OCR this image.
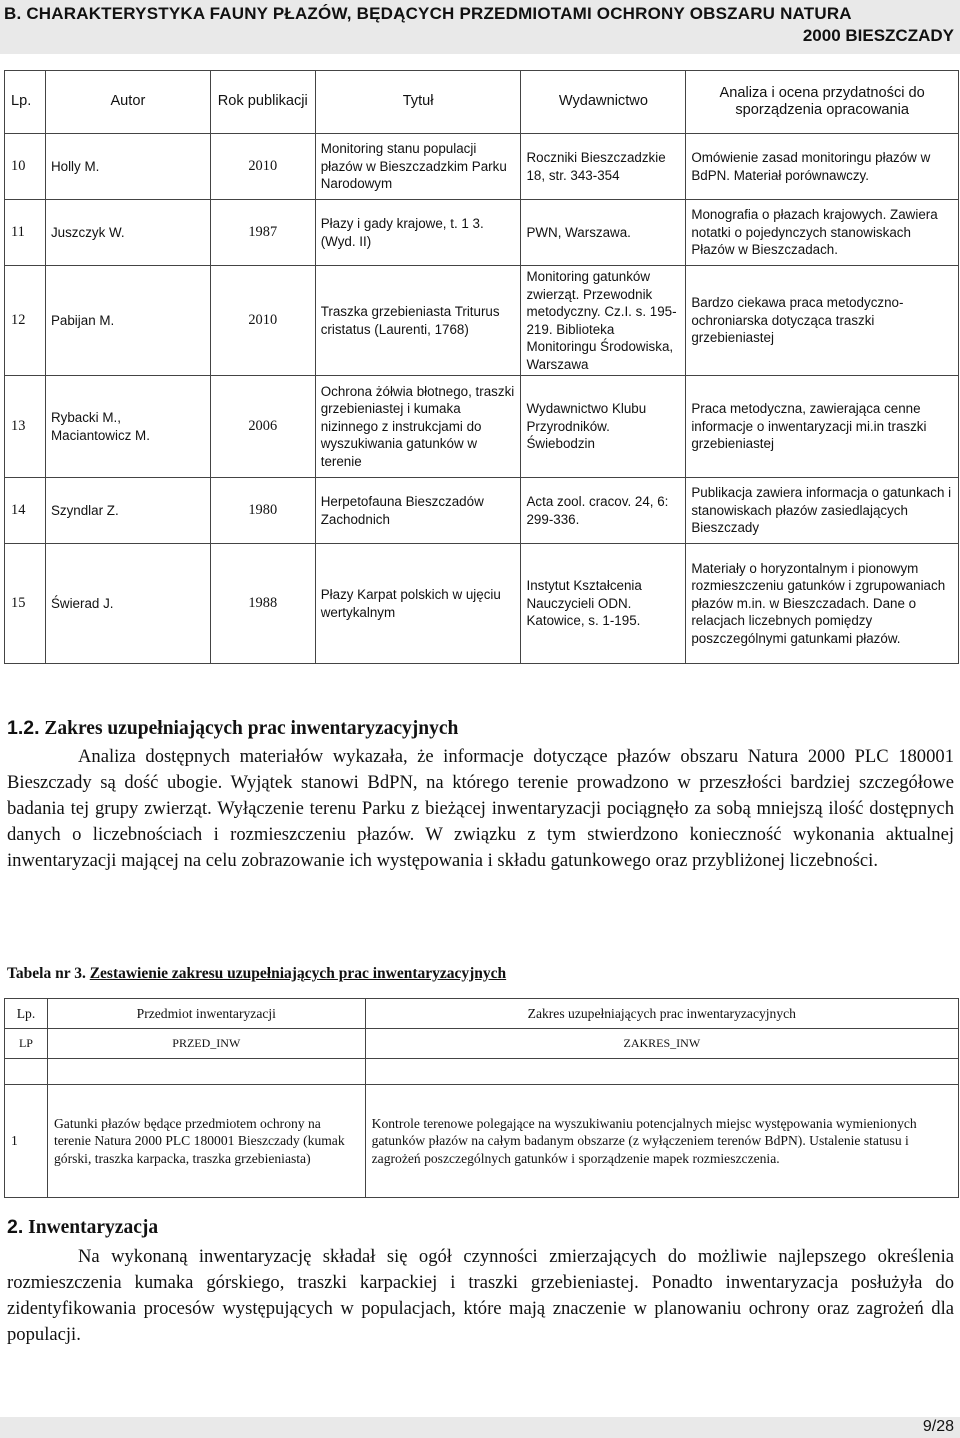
B. CHARAKTERYSTYKA FAUNY PŁAZÓW, BĘDĄCYCH PRZEDMIOTAMI OCHRONY OBSZARU NATURA
2000 BIESZCZADY
Lp.	Autor	Rok publikacji	Tytuł	Wydawnictwo	Analiza i ocena przydatności do sporządzenia opracowania
10	Holly M.	2010	Monitoring stanu populacji płazów w Bieszczadzkim Parku Narodowym	Roczniki Bieszczadzkie 18, str. 343-354	Omówienie zasad monitoringu płazów w BdPN. Materiał porównawczy.
11	Juszczyk W.	1987	Płazy i gady krajowe, t. 1 3. (Wyd. II)	PWN, Warszawa.	Monografia o płazach krajowych. Zawiera notatki o pojedynczych stanowiskach Płazów w Bieszczadach.
12	Pabijan M.	2010	Traszka grzebieniasta Triturus cristatus (Laurenti, 1768)	Monitoring gatunków zwierząt. Przewodnik metodyczny. Cz.I. s. 195-219. Biblioteka Monitoringu Środowiska, Warszawa	Bardzo ciekawa praca metodyczno- ochroniarska dotycząca traszki grzebieniastej
13	Rybacki M., Maciantowicz M.	2006	Ochrona żółwia błotnego, traszki grzebieniastej i kumaka nizinnego z instrukcjami do wyszukiwania gatunków w terenie	Wydawnictwo Klubu Przyrodników. Świebodzin	Praca metodyczna, zawierająca cenne informacje o inwentaryzacji mi.in traszki grzebieniastej
14	Szyndlar Z.	1980	Herpetofauna Bieszczadów Zachodnich	Acta zool. cracov. 24, 6: 299-336.	Publikacja zawiera informacja o gatunkach i stanowiskach płazów zasiedlających Bieszczady
15	Świerad J.	1988	Płazy Karpat polskich w ujęciu wertykalnym	Instytut Kształcenia Nauczycieli ODN. Katowice, s. 1-195.	Materiały o horyzontalnym i pionowym rozmieszczeniu gatunków i zgrupowaniach płazów m.in. w Bieszczadach. Dane o relacjach liczebnych pomiędzy poszczególnymi gatunkami płazów.
1.2. Zakres uzupełniających prac inwentaryzacyjnych
Analiza dostępnych materiałów wykazała, że informacje dotyczące płazów obszaru Natura 2000 PLC 180001 Bieszczady są dość ubogie. Wyjątek stanowi BdPN, na którego terenie prowadzono w przeszłości bardziej szczegółowe badania tej grupy zwierząt. Wyłączenie terenu Parku z bieżącej inwentaryzacji pociągnęło za sobą mniejszą ilość dostępnych danych o liczebnościach i rozmieszczeniu płazów. W związku z tym stwierdzono konieczność wykonania aktualnej inwentaryzacji mającej na celu zobrazowanie ich występowania i składu gatunkowego oraz przybliżonej liczebności.
Tabela nr 3. Zestawienie zakresu uzupełniających prac inwentaryzacyjnych
Lp.	Przedmiot inwentaryzacji	Zakres uzupełniających prac inwentaryzacyjnych
LP	PRZED_INW	ZAKRES_INW

1	Gatunki płazów będące przedmiotem ochrony na terenie Natura 2000 PLC 180001 Bieszczady (kumak górski, traszka karpacka, traszka grzebieniasta)	Kontrole terenowe polegające na wyszukiwaniu potencjalnych miejsc występowania wymienionych gatunków płazów na całym badanym obszarze (z wyłączeniem terenów BdPN). Ustalenie statusu i zagrożeń poszczególnych gatunków i sporządzenie mapek rozmieszczenia.
2. Inwentaryzacja
Na wykonaną inwentaryzację składał się ogół czynności zmierzających do możliwie najlepszego określenia rozmieszczenia kumaka górskiego, traszki karpackiej i traszki grzebieniastej. Ponadto inwentaryzacja posłużyła do zidentyfikowania procesów występujących w populacjach, które mają znaczenie w planowaniu ochrony oraz zagrożeń dla populacji.
9/28
